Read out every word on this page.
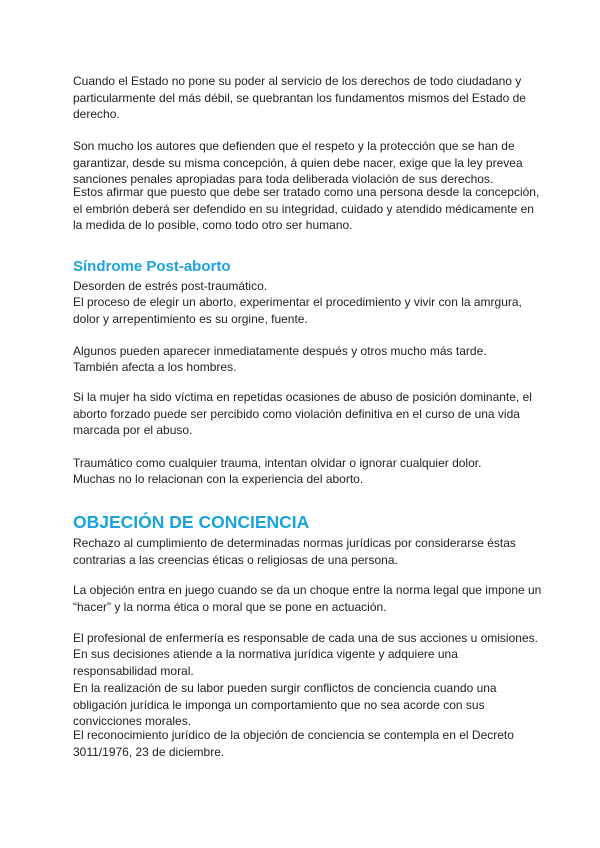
Cuando el Estado no pone su poder al servicio de los derechos de todo ciudadano y particularmente del más débil, se quebrantan los fundamentos mismos del Estado de derecho.

Son mucho los autores que defienden que el respeto y la protección que se han de garantizar, desde su misma concepción, á quien debe nacer, exige que la ley prevea sanciones penales apropiadas para toda deliberada violación de sus derechos.

Estos afirmar que puesto que debe ser tratado como una persona desde la concepción, el embrión deberá ser defendido en su integridad, cuidado y atendido médicamente en la medida de lo posible, como todo otro ser humano.

Síndrome Post-aborto

Desorden de estrés post-traumático.

El proceso de elegir un aborto, experimentar el procedimiento y vivir con la amrgura, dolor y arrepentimiento es su orgine, fuente.

Algunos pueden aparecer inmediatamente después y otros mucho más tarde.

También afecta a los hombres.

Si la mujer ha sido víctima en repetidas ocasiones de abuso de posición dominante, el aborto forzado puede ser percibido como violación definitiva en el curso de una vida marcada por el abuso.

Traumático como cualquier trauma, intentan olvidar o ignorar cualquier dolor.

Muchas no lo relacionan con la experiencia del aborto.

OBJECIÓN DE CONCIENCIA

Rechazo al cumplimiento de determinadas normas jurídicas por considerarse éstas contrarias a las creencias éticas o religiosas de una persona.

La objeción entra en juego cuando se da un choque entre la norma legal que impone un “hacer” y la norma ética o moral que se pone en actuación.

El profesional de enfermería es responsable de cada una de sus acciones u omisiones.

En sus decisiones atiende a la normativa jurídica vigente y adquiere una responsabilidad moral.

En la realización de su labor pueden surgir conflictos de conciencia cuando una obligación jurídica le imponga un comportamiento que no sea acorde con sus convicciones morales.

El reconocimiento jurídico de la objeción de conciencia se contempla en el Decreto 3011/1976, 23 de diciembre.
